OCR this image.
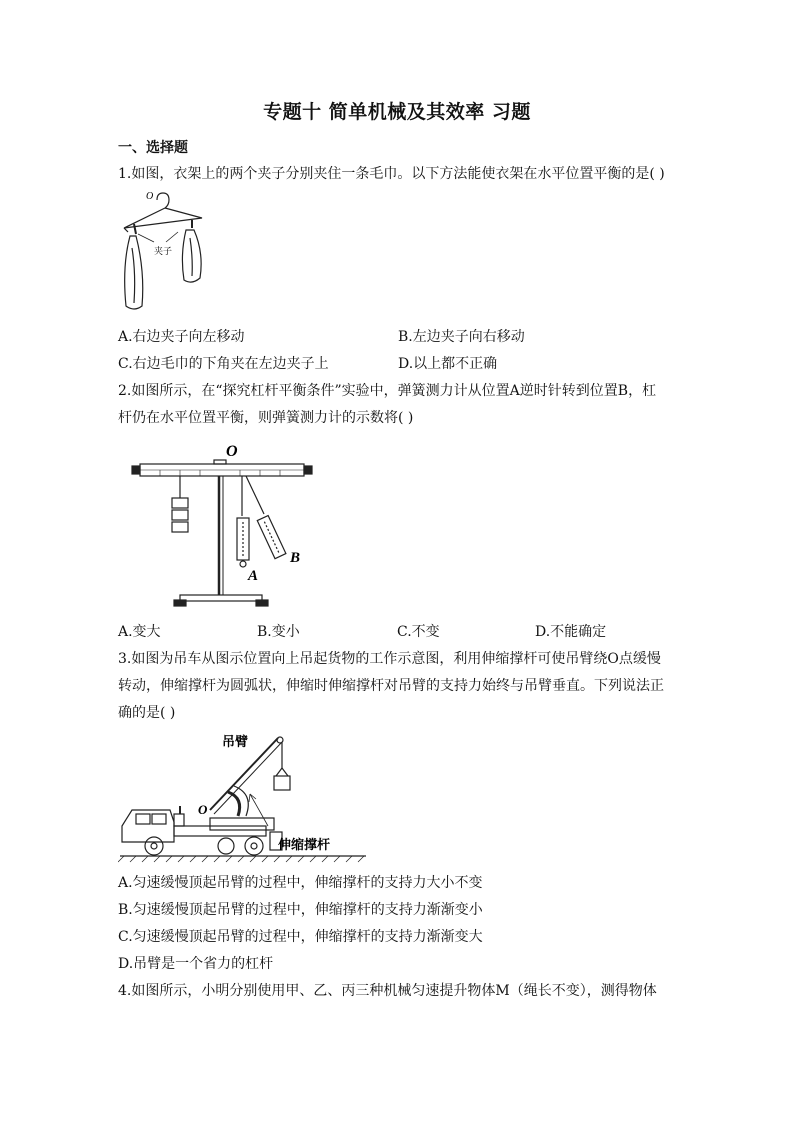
专题十 简单机械及其效率 习题
一、选择题
1.如图，衣架上的两个夹子分别夹住一条毛巾。以下方法能使衣架在水平位置平衡的是( )
O
夹子
A.右边夹子向左移动	B.左边夹子向右移动
C.右边毛巾的下角夹在左边夹子上	D.以上都不正确
2.如图所示，在“探究杠杆平衡条件”实验中，弹簧测力计从位置A逆时针转到位置B，杠
杆仍在水平位置平衡，则弹簧测力计的示数将( )
O
A
B
A.变大	B.变小	C.不变	D.不能确定
3.如图为吊车从图示位置向上吊起货物的工作示意图，利用伸缩撑杆可使吊臂绕O点缓慢
转动，伸缩撑杆为圆弧状，伸缩时伸缩撑杆对吊臂的支持力始终与吊臂垂直。下列说法正
确的是( )
吊臂
O
伸缩撑杆
A.匀速缓慢顶起吊臂的过程中，伸缩撑杆的支持力大小不变
B.匀速缓慢顶起吊臂的过程中，伸缩撑杆的支持力渐渐变小
C.匀速缓慢顶起吊臂的过程中，伸缩撑杆的支持力渐渐变大
D.吊臂是一个省力的杠杆
4.如图所示，小明分别使用甲、乙、丙三种机械匀速提升物体M（绳长不变），测得物体
